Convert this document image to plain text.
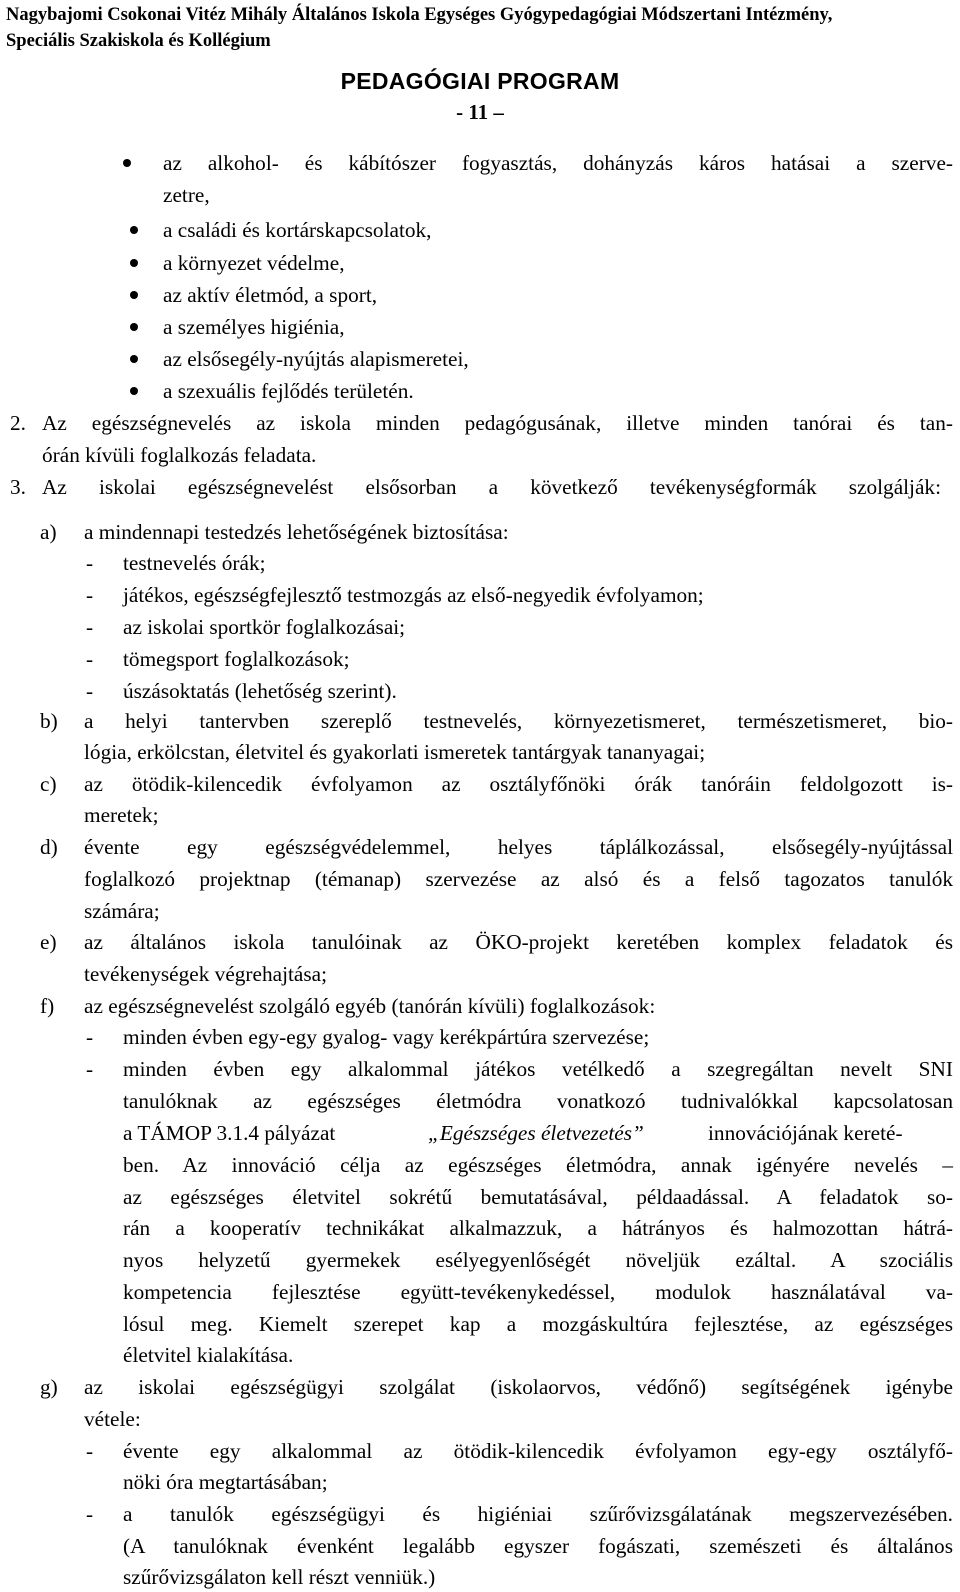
Nagybajomi Csokonai Vitéz Mihály Általános Iskola Egységes Gyógypedagógiai Módszertani Intézmény,
Speciális Szakiskola és Kollégium
PEDAGÓGIAI PROGRAM
- 11 –
az alkohol- és kábítószer fogyasztás, dohányzás káros hatásai a szerve-
zetre,
a családi és kortárskapcsolatok,
a környezet védelme,
az aktív életmód, a sport,
a személyes higiénia,
az elsősegély-nyújtás alapismeretei,
a szexuális fejlődés területén.
2. Az egészségnevelés az iskola minden pedagógusának, illetve minden tanórai és tan-
órán kívüli foglalkozás feladata.
3. Az iskolai egészségnevelést elsősorban a következő tevékenységformák szolgálják:
a) a mindennapi testedzés lehetőségének biztosítása:
- testnevelés órák;
- játékos, egészségfejlesztő testmozgás az első-negyedik évfolyamon;
- az iskolai sportkör foglalkozásai;
- tömegsport foglalkozások;
- úszásoktatás (lehetőség szerint).
b) a helyi tantervben szereplő testnevelés, környezetismeret, természetismeret, bio-
lógia, erkölcstan, életvitel és gyakorlati ismeretek tantárgyak tananyagai;
c) az ötödik-kilencedik évfolyamon az osztályfőnöki órák tanóráin feldolgozott is-
meretek;
d) évente egy egészségvédelemmel, helyes táplálkozással, elsősegély-nyújtással
foglalkozó projektnap (témanap) szervezése az alsó és a felső tagozatos tanulók
számára;
e) az általános iskola tanulóinak az ÖKO-projekt keretében komplex feladatok és
tevékenységek végrehajtása;
f) az egészségnevelést szolgáló egyéb (tanórán kívüli) foglalkozások:
- minden évben egy-egy gyalog- vagy kerékpártúra szervezése;
- minden évben egy alkalommal játékos vetélkedő a szegregáltan nevelt SNI
tanulóknak az egészséges életmódra vonatkozó tudnivalókkal kapcsolatosan
a TÁMOP 3.1.4 pályázat	„Egészséges életvezetés”	innovációjának kereté-
ben. Az innováció célja az egészséges életmódra, annak igényére nevelés –
az egészséges életvitel sokrétű bemutatásával, példaadással. A feladatok so-
rán a kooperatív technikákat alkalmazzuk, a hátrányos és halmozottan hátrá-
nyos helyzetű gyermekek esélyegyenlőségét növeljük ezáltal. A szociális
kompetencia fejlesztése együtt-tevékenykedéssel, modulok használatával va-
lósul meg. Kiemelt szerepet kap a mozgáskultúra fejlesztése, az egészséges
életvitel kialakítása.
g) az iskolai egészségügyi szolgálat (iskolaorvos, védőnő) segítségének igénybe
vétele:
- évente egy alkalommal az ötödik-kilencedik évfolyamon egy-egy osztályfő-
nöki óra megtartásában;
- a tanulók egészségügyi és higiéniai szűrővizsgálatának megszervezésében.
(A tanulóknak évenként legalább egyszer fogászati, szemészeti és általános
szűrővizsgálaton kell részt venniük.)
